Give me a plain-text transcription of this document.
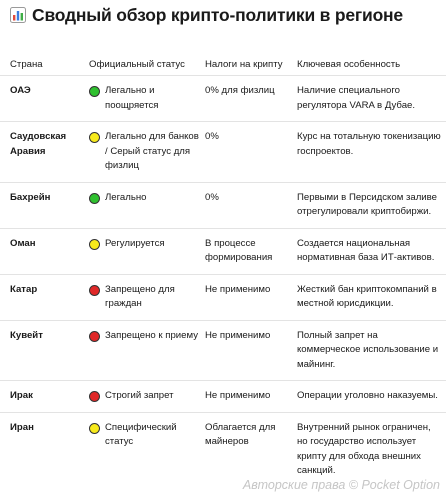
Сводный обзор крипто-политики в регионе
Страна	Официальный статус	Налоги на крипту	Ключевая особенность

ОАЭ	Легально и поощряется	0% для физлиц	Наличие специального регулятора VARA в Дубае.
Саудовская Аравия	Легально для банков / Серый статус для физлиц	0%	Курс на тотальную токенизацию госпроектов.
Бахрейн	Легально	0%	Первыми в Персидском заливе отрегулировали криптобиржи.
Оман	Регулируется	В процессе формирования	Создается национальная нормативная база ИТ-активов.
Катар	Запрещено для граждан	Не применимо	Жесткий бан криптокомпаний в местной юрисдикции.
Кувейт	Запрещено к приему	Не применимо	Полный запрет на коммерческое использование и майнинг.
Ирак	Строгий запрет	Не применимо	Операции уголовно наказуемы.
Иран	Специфический статус	Облагается для майнеров	Внутренний рынок ограничен, но государство использует крипту для обхода внешних санкций.
Авторские права © Pocket Option
